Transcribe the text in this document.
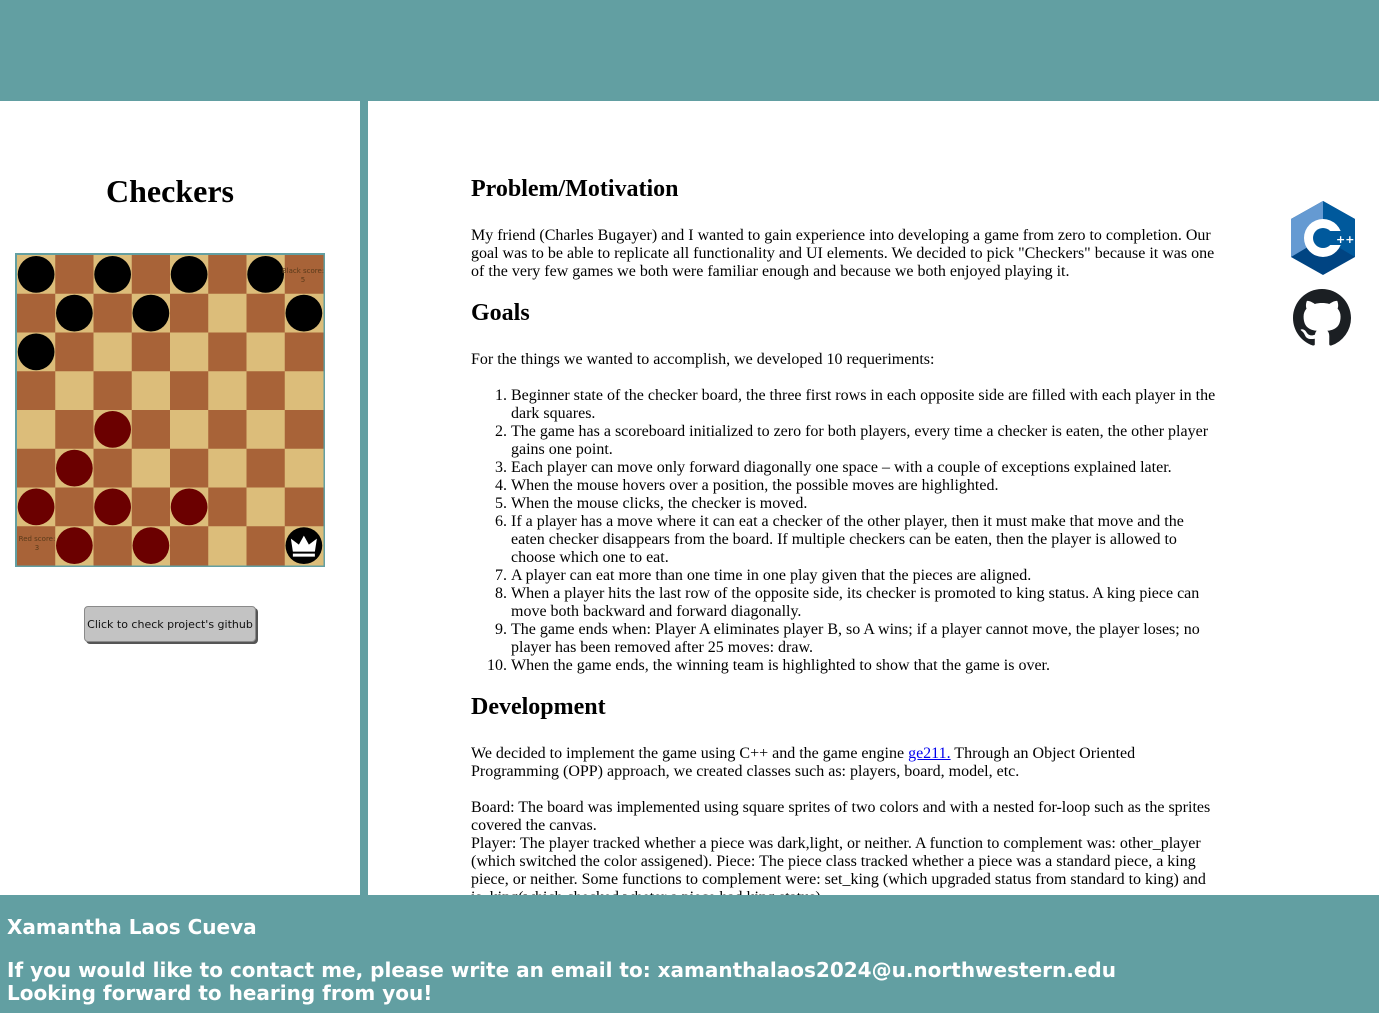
Checkers
Black score:
5
Red score:
3
Click to check project's github
Problem/Motivation

My friend (Charles Bugayer) and I wanted to gain experience into developing a game from zero to completion. Our goal was to be able to replicate all functionality and UI elements. We decided to pick "Checkers" because it was one of the very few games we both were familiar enough and because we both enjoyed playing it.

Goals

For the things we wanted to accomplish, we developed 10 requeriments:

1. Beginner state of the checker board, the three first rows in each opposite side are filled with each player in the dark squares.
2. The game has a scoreboard initialized to zero for both players, every time a checker is eaten, the other player gains one point.
3. Each player can move only forward diagonally one space – with a couple of exceptions explained later.
4. When the mouse hovers over a position, the possible moves are highlighted.
5. When the mouse clicks, the checker is moved.
6. If a player has a move where it can eat a checker of the other player, then it must make that move and the eaten checker disappears from the board. If multiple checkers can be eaten, then the player is allowed to choose which one to eat.
7. A player can eat more than one time in one play given that the pieces are aligned.
8. When a player hits the last row of the opposite side, its checker is promoted to king status. A king piece can move both backward and forward diagonally.
9. The game ends when: Player A eliminates player B, so A wins; if a player cannot move, the player loses; no player has been removed after 25 moves: draw.
10. When the game ends, the winning team is highlighted to show that the game is over.
Development

We decided to implement the game using C++ and the game engine ge211. Through an Object Oriented Programming (OPP) approach, we created classes such as: players, board, model, etc.

Board: The board was implemented using square sprites of two colors and with a nested for-loop such as the sprites covered the canvas.

Player: The player tracked whether a piece was dark,light, or neither. A function to complement was: other_player (which switched the color assigened). Piece: The piece class tracked whether a piece was a standard piece, a king piece, or neither. Some functions to complement were: set_king (which upgraded status from standard to king) and

++

Xamantha Laos Cueva

If you would like to contact me, please write an email to: xamanthalaos2024@u.northwestern.edu

Looking forward to hearing from you!
